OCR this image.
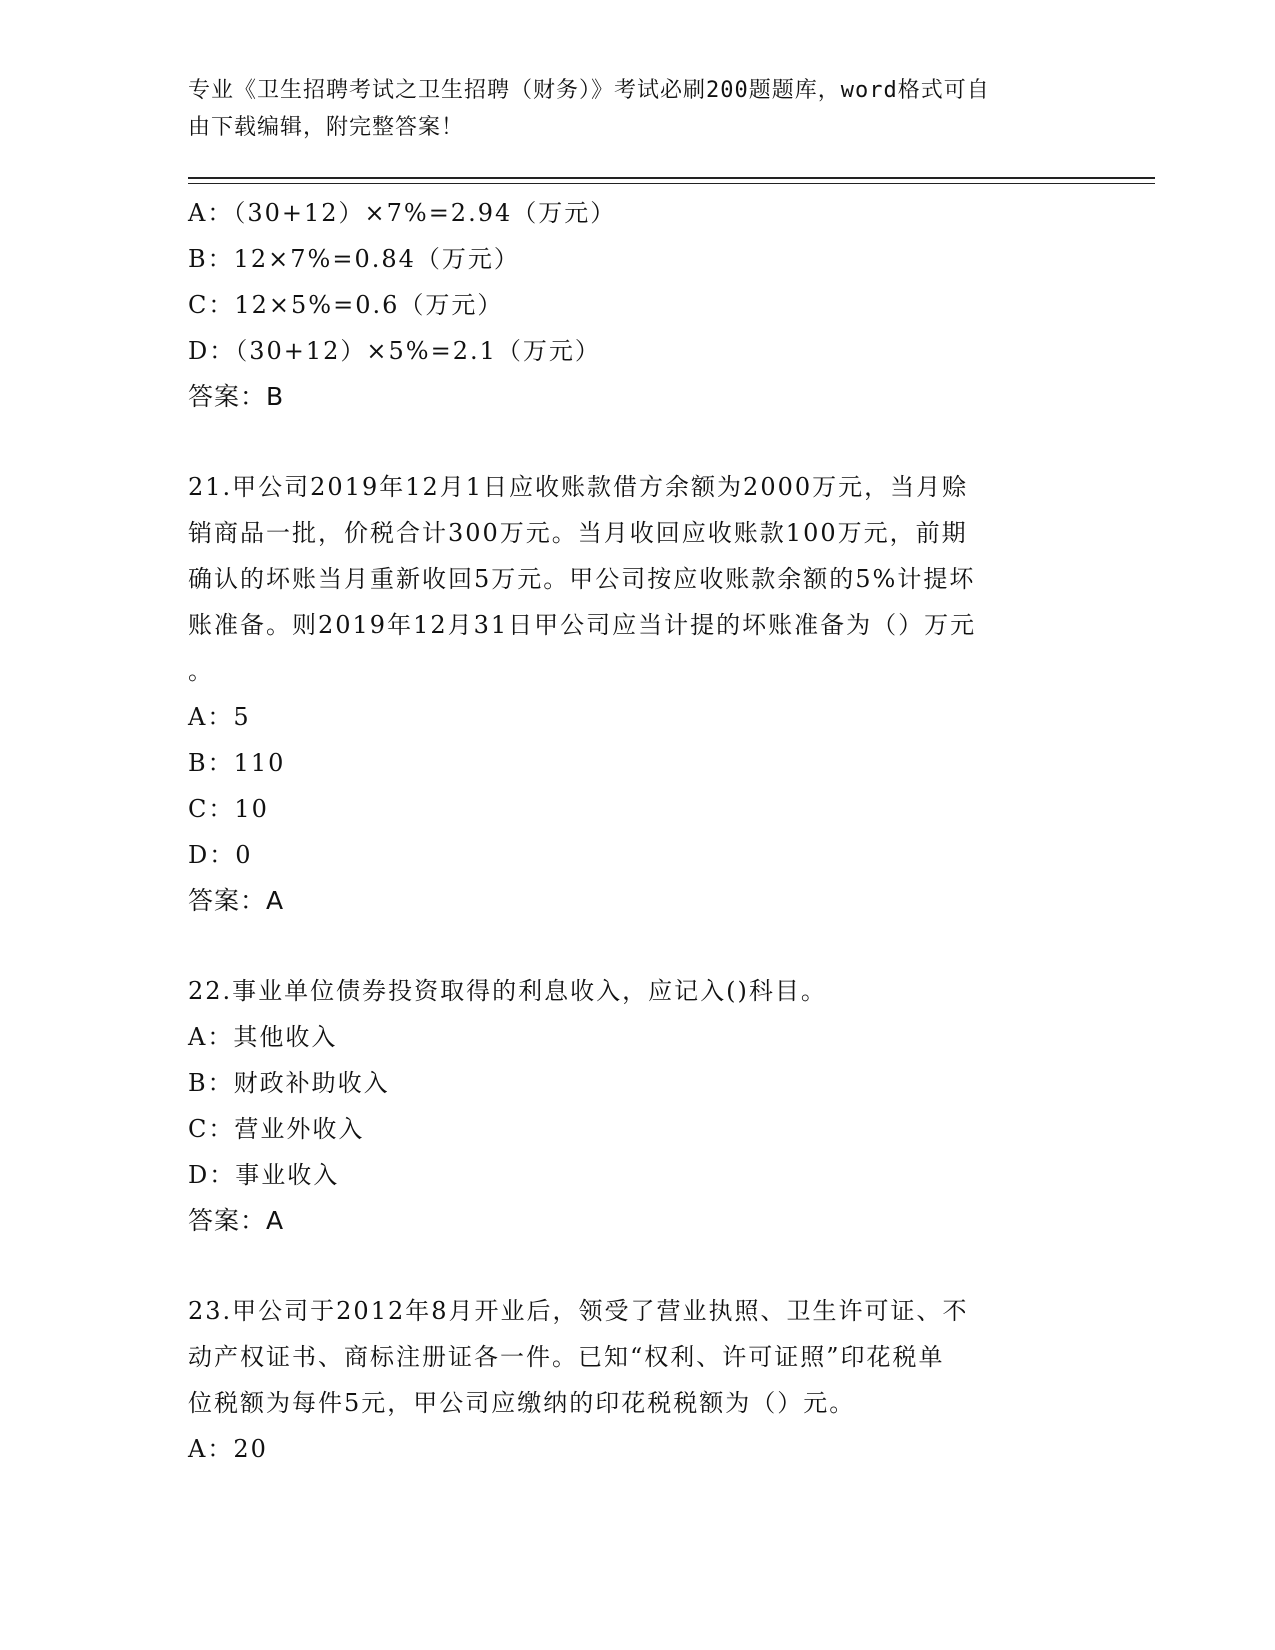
专业《卫生招聘考试之卫生招聘（财务）》考试必刷200题题库，word格式可自
由下载编辑，附完整答案！
A：（30+12）×7%=2.94（万元）
B：12×7%=0.84（万元）
C：12×5%=0.6（万元）
D：（30+12）×5%=2.1（万元）
答案：B
21.甲公司2019年12月1日应收账款借方余额为2000万元，当月赊
销商品一批，价税合计300万元。当月收回应收账款100万元，前期
确认的坏账当月重新收回5万元。甲公司按应收账款余额的5%计提坏
账准备。则2019年12月31日甲公司应当计提的坏账准备为（）万元
。
A：5
B：110
C：10
D：0
答案：A
22.事业单位债券投资取得的利息收入，应记入()科目。
A：其他收入
B：财政补助收入
C：营业外收入
D：事业收入
答案：A
23.甲公司于2012年8月开业后，领受了营业执照、卫生许可证、不
动产权证书、商标注册证各一件。已知“权利、许可证照”印花税单
位税额为每件5元，甲公司应缴纳的印花税税额为（）元。
A：20
